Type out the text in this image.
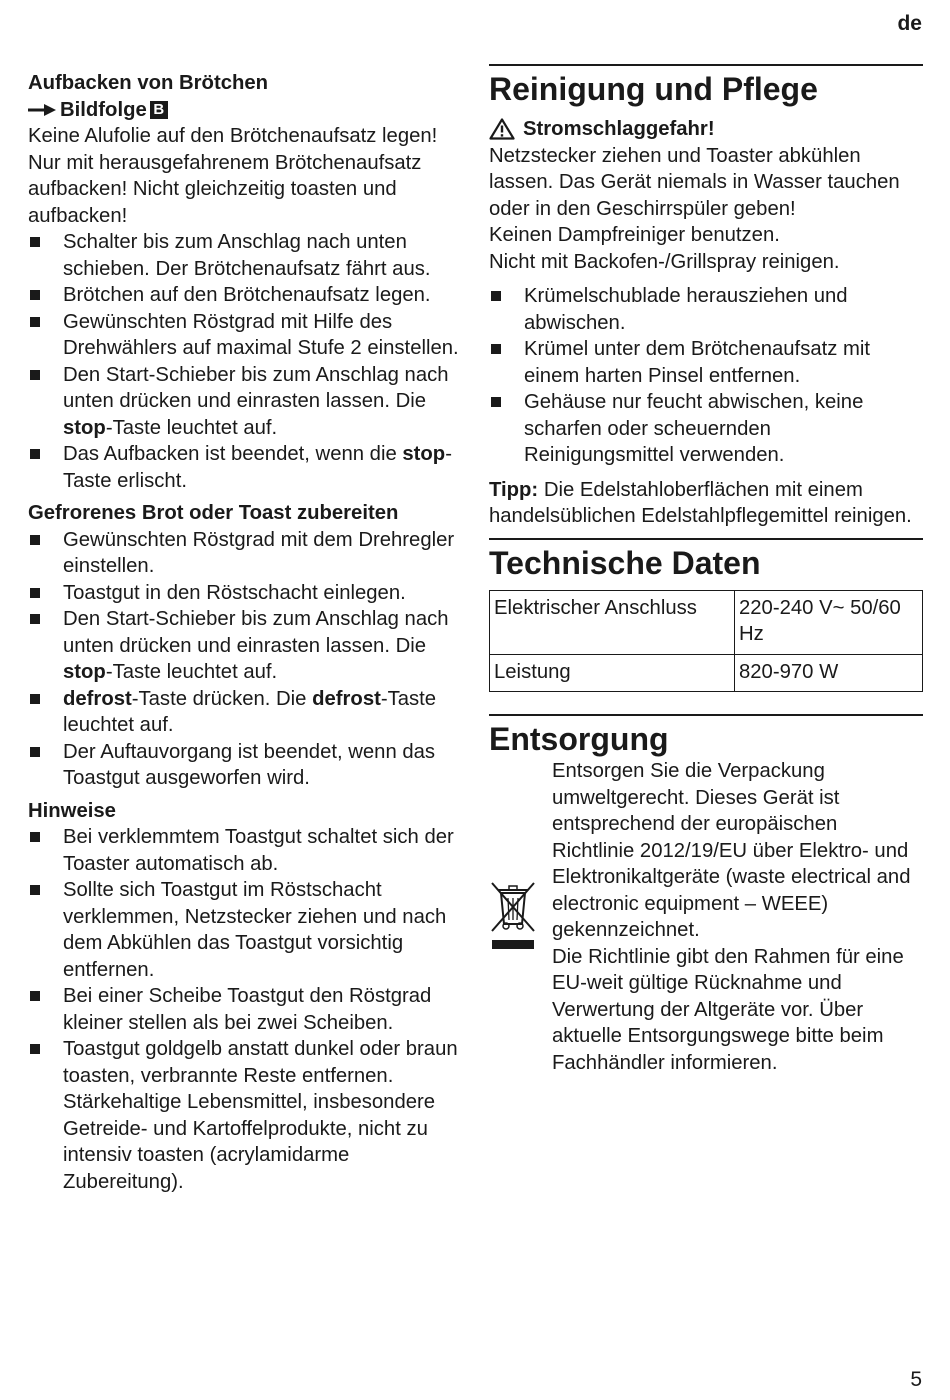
de
Aufbacken von Brötchen
Bildfolge B

Keine Alufolie auf den Brötchenaufsatz legen! Nur mit herausgefahrenem Brötchenaufsatz aufbacken! Nicht gleichzeitig toasten und aufbacken!

Schalter bis zum Anschlag nach unten schieben. Der Brötchenaufsatz fährt aus.
Brötchen auf den Brötchenaufsatz legen.
Gewünschten Röstgrad mit Hilfe des Drehwählers auf maximal Stufe 2 einstellen.
Den Start-Schieber bis zum Anschlag nach unten drücken und einrasten lassen. Die stop-Taste leuchtet auf.
Das Aufbacken ist beendet, wenn die stop-Taste erlischt.
Gefrorenes Brot oder Toast zubereiten
Gewünschten Röstgrad mit dem Drehregler einstellen.
Toastgut in den Röstschacht einlegen.
Den Start-Schieber bis zum Anschlag nach unten drücken und einrasten lassen. Die stop-Taste leuchtet auf.
defrost-Taste drücken. Die defrost-Taste leuchtet auf.
Der Auftauvorgang ist beendet, wenn das Toastgut ausgeworfen wird.
Hinweise
Bei verklemmtem Toastgut schaltet sich der Toaster automatisch ab.
Sollte sich Toastgut im Röstschacht verklemmen, Netzstecker ziehen und nach dem Abkühlen das Toastgut vorsichtig entfernen.
Bei einer Scheibe Toastgut den Röstgrad kleiner stellen als bei zwei Scheiben.
Toastgut goldgelb anstatt dunkel oder braun toasten, verbrannte Reste entfernen. Stärkehaltige Lebensmittel, insbesondere Getreide- und Kartoffelprodukte, nicht zu intensiv toasten (acrylamidarme Zubereitung).
Reinigung und Pflege
Stromschlaggefahr!

Netzstecker ziehen und Toaster abkühlen lassen. Das Gerät niemals in Wasser tauchen oder in den Geschirrspüler geben!

Keinen Dampfreiniger benutzen.

Nicht mit Backofen-/Grillspray reinigen.

Krümelschublade herausziehen und abwischen.
Krümel unter dem Brötchenaufsatz mit einem harten Pinsel entfernen.
Gehäuse nur feucht abwischen, keine scharfen oder scheuernden Reinigungsmittel verwenden.

Tipp: Die Edelstahloberflächen mit einem handelsüblichen Edelstahlpflegemittel reinigen.

Technische Daten
Elektrischer Anschluss	220-240 V~ 50/60 Hz
Leistung	820-970 W
Entsorgung

Entsorgen Sie die Verpackung umweltgerecht. Dieses Gerät ist entsprechend der europäischen Richtlinie 2012/19/EU über Elektro- und Elektronikaltgeräte (waste electrical and electronic equipment – WEEE) gekennzeichnet.

Die Richtlinie gibt den Rahmen für eine EU-weit gültige Rücknahme und Verwertung der Altgeräte vor. Über aktuelle Entsorgungswege bitte beim Fachhändler informieren.

5
